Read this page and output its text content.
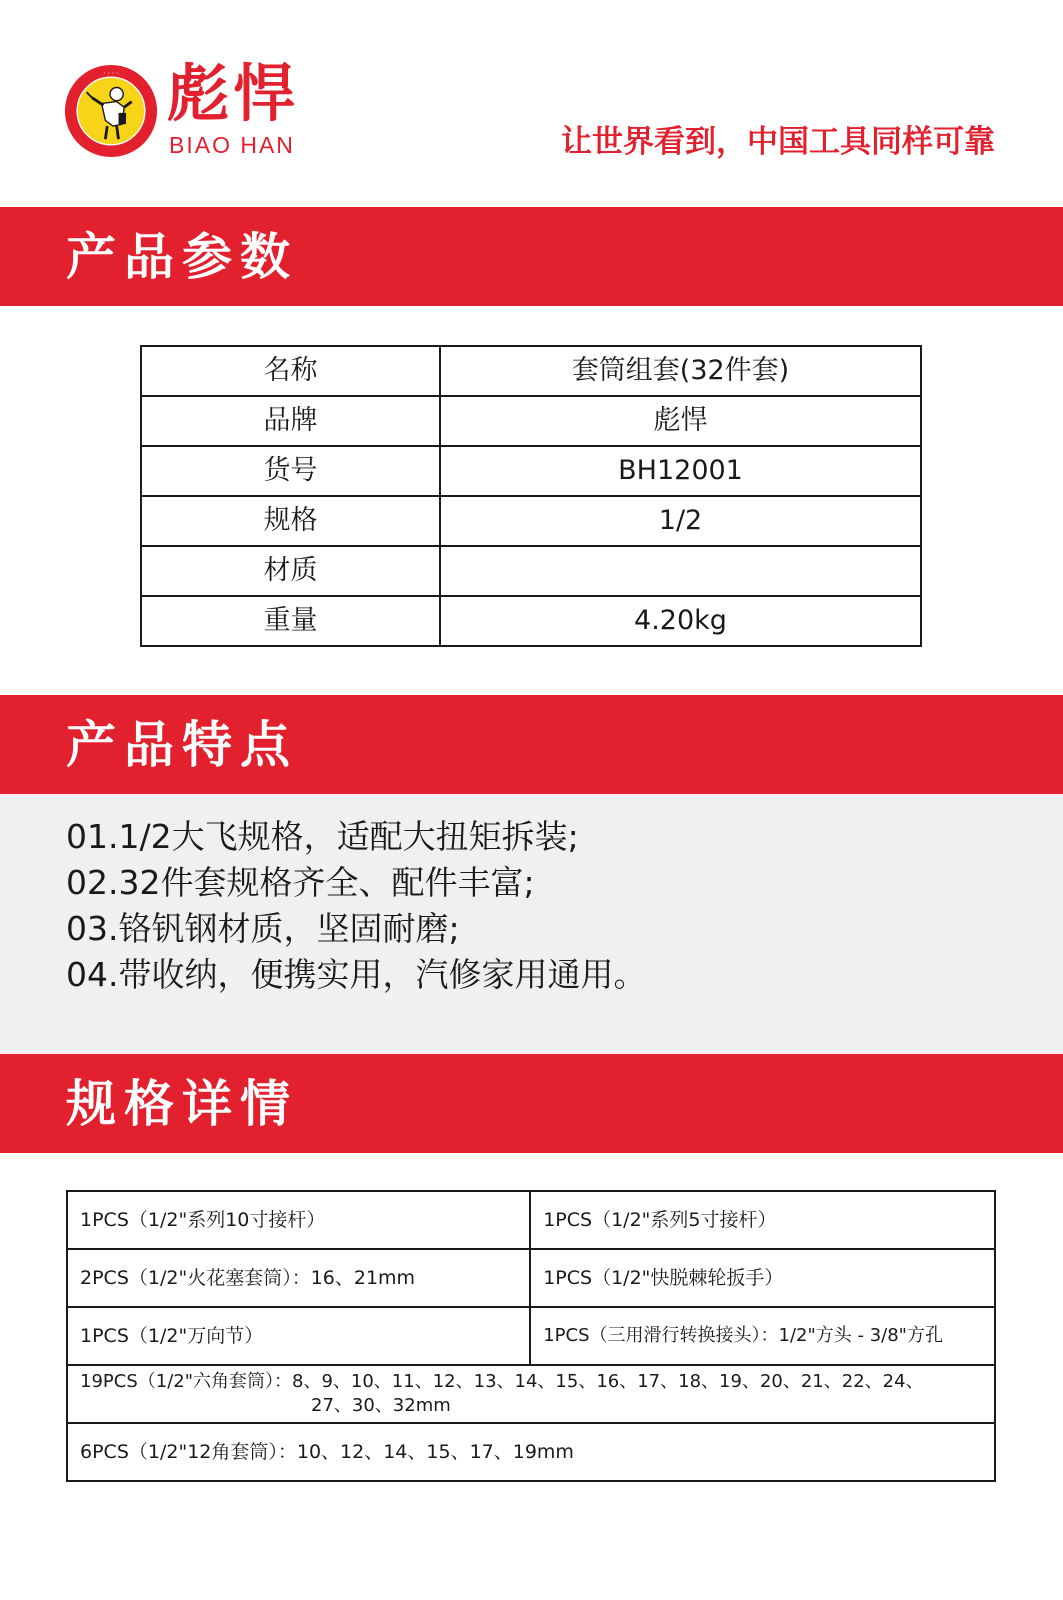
· · · · 彪悍
BIAO HAN	让世界看到，中国工具同样可靠
产品参数
名称	套筒组套(32件套)
品牌	彪悍
货号	BH12001
规格	1/2
材质	
重量	4.20kg
产品特点
01.1/2大飞规格，适配大扭矩拆装;
02.32件套规格齐全、配件丰富;
03.铬钒钢材质，坚固耐磨;
04.带收纳，便携实用，汽修家用通用。
规格详情
1PCS（1/2"系列10寸接杆）	1PCS（1/2"系列5寸接杆）
2PCS（1/2"火花塞套筒）：16、21mm	1PCS（1/2"快脱棘轮扳手）
1PCS（1/2"万向节）	1PCS（三用滑行转换接头）：1/2"方头 - 3/8"方孔

19PCS（1/2"六角套筒）：8、9、10、11、12、13、14、15、16、17、18、19、20、21、22、24、
27、30、32mm	

6PCS（1/2"12角套筒）：10、12、14、15、17、19mm	
